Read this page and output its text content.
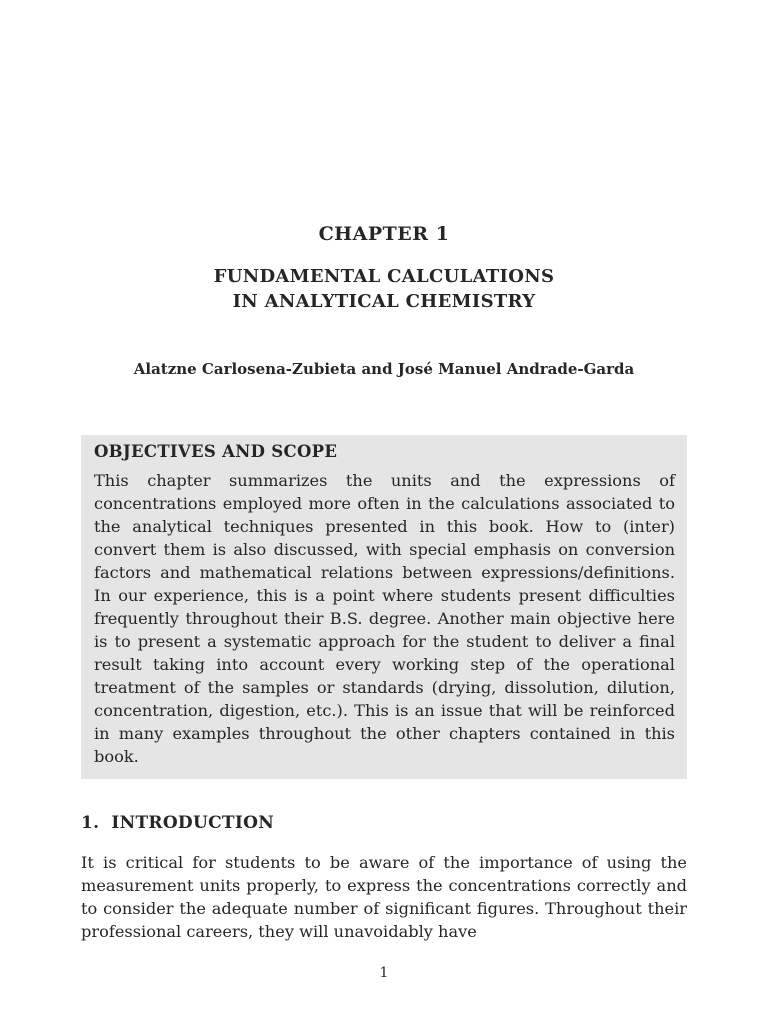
CHAPTER 1
FUNDAMENTAL CALCULATIONS
IN ANALYTICAL CHEMISTRY
Alatzne Carlosena-Zubieta and José Manuel Andrade-Garda
OBJECTIVES AND SCOPE

This chapter summarizes the units and the expressions of concentrations employed more often in the calculations associated to the analytical techniques presented in this book. How to (inter) convert them is also discussed, with special emphasis on conversion factors and mathematical relations between expressions/definitions. In our experience, this is a point where students present difficulties frequently throughout their B.S. degree. Another main objective here is to present a systematic approach for the student to deliver a final result taking into account every working step of the operational treatment of the samples or standards (drying, dissolution, dilution, concentration, digestion, etc.). This is an issue that will be reinforced in many examples throughout the other chapters contained in this book.

1. INTRODUCTION

It is critical for students to be aware of the importance of using the measurement units properly, to express the concentrations correctly and to consider the adequate number of significant figures. Throughout their professional careers, they will unavoidably have

1
